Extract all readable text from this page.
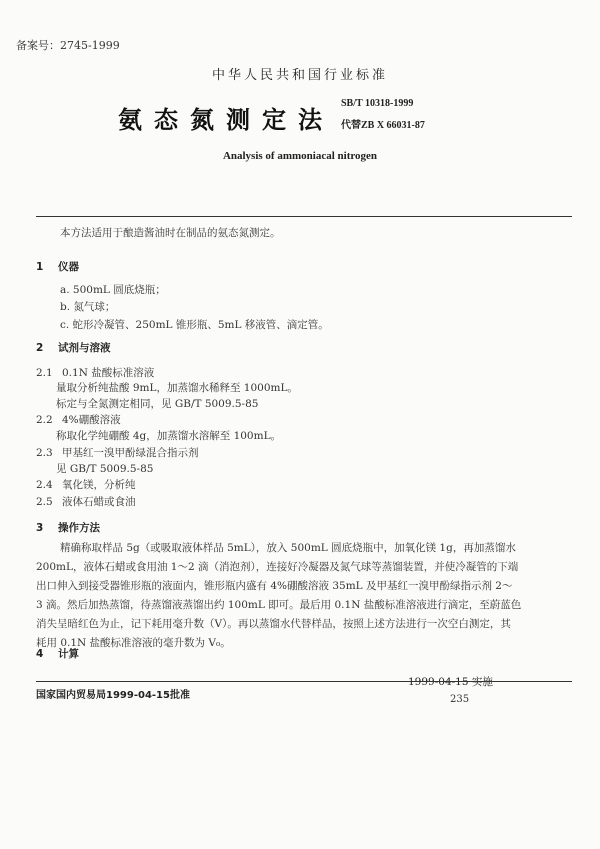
备案号：2745-1999
中华人民共和国行业标准
氨态氮测定法
SB/T 10318-1999
代替ZB X 66031-87
Analysis of ammoniacal nitrogen
本方法适用于酿造酱油时在制品的氨态氮测定。
1 仪器
a. 500mL 圆底烧瓶；
b. 氮气球；
c. 蛇形冷凝管、250mL 锥形瓶、5mL 移液管、滴定管。
2 试剂与溶液
2.1 0.1N 盐酸标准溶液
量取分析纯盐酸 9mL，加蒸馏水稀释至 1000mL。
标定与全氮测定相同，见 GB/T 5009.5-85
2.2 4%硼酸溶液
称取化学纯硼酸 4g，加蒸馏水溶解至 100mL。
2.3 甲基红一溴甲酚绿混合指示剂
见 GB/T 5009.5-85
2.4 氧化镁，分析纯
2.5 液体石蜡或食油
3 操作方法
精确称取样品 5g（或吸取液体样品 5mL），放入 500mL 圆底烧瓶中，加氧化镁 1g，再加蒸馏水
200mL，液体石蜡或食用油 1～2 滴（消泡剂），连接好冷凝器及氮气球等蒸馏装置，并使冷凝管的下端
出口伸入到接受器锥形瓶的液面内，锥形瓶内盛有 4%硼酸溶液 35mL 及甲基红一溴甲酚绿指示剂 2～
3 滴。然后加热蒸馏，待蒸馏液蒸馏出约 100mL 即可。最后用 0.1N 盐酸标准溶液进行滴定，至蔚蓝色
消失呈暗红色为止，记下耗用毫升数（V）。再以蒸馏水代替样品，按照上述方法进行一次空白测定，其
耗用 0.1N 盐酸标准溶液的毫升数为 V₀。
4 计算
1999-04-15 实施
国家国内贸易局1999-04-15批准	235
